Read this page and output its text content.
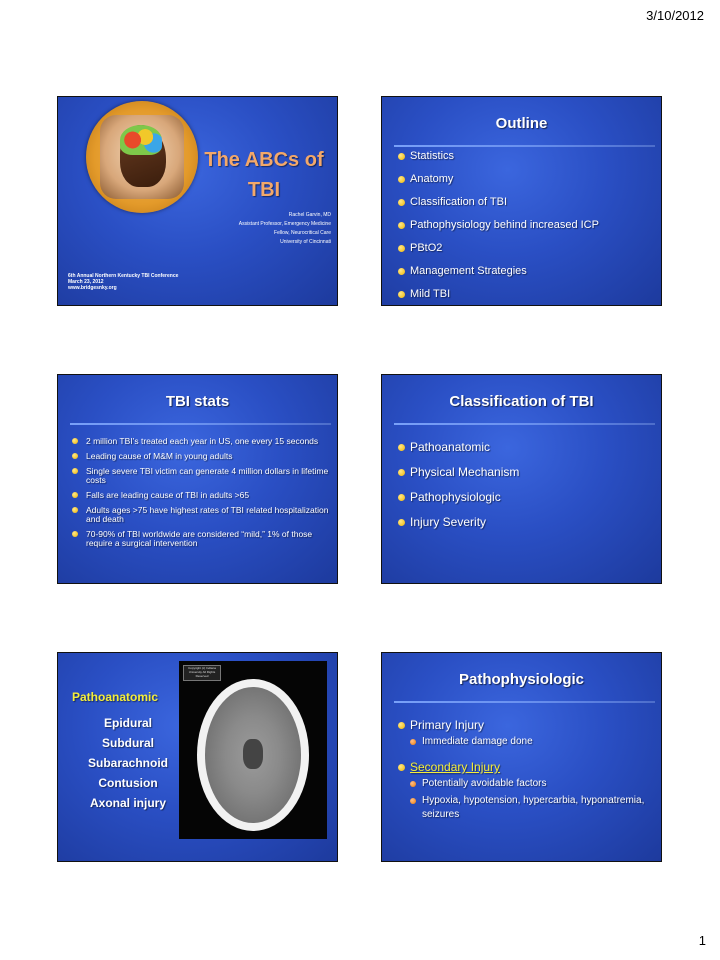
3/10/2012
The ABCs of
TBI
Rachel Garvin, MD
Assistant Professor, Emergency Medicine
Fellow, Neurocritical Care
University of Cincinnati
6th Annual Northern Kentucky TBI Conference
March 23, 2012
www.bridgesnky.org
Outline
Statistics
Anatomy
Classification of TBI
Pathophysiology behind increased ICP
PBtO2
Management Strategies
Mild TBI
TBI stats
2 million TBI’s treated each year in US, one every 15 seconds
Leading cause of M&M in young adults
Single severe TBI victim can generate 4 million dollars in lifetime costs
Falls are leading cause of TBI in adults >65
Adults ages >75 have highest rates of TBI related hospitalization and death
70-90% of TBI worldwide are considered “mild,” 1% of those require a surgical intervention
Classification of TBI
Pathoanatomic
Physical Mechanism
Pathophysiologic
Injury Severity
Pathoanatomic
Epidural
Subdural
Subarachnoid
Contusion
Axonal injury
Copyright (c) Indiana University All Rights Reserved	Pathophysiologic
Primary Injury
Immediate damage done
Secondary Injury
Potentially avoidable factors
Hypoxia, hypotension, hypercarbia, hyponatremia, seizures
1
